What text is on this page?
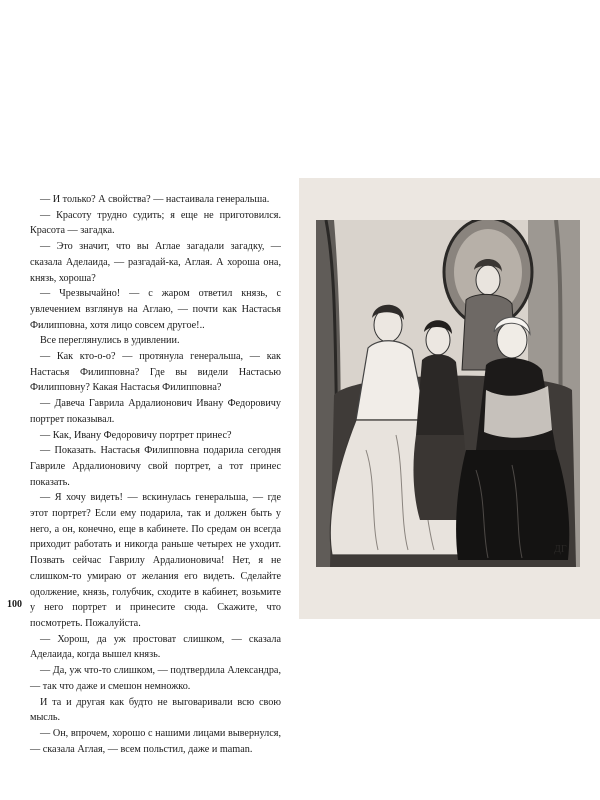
— И только? А свойства? — настаивала генеральша.

— Красоту трудно судить; я еще не приготовился. Красота — загадка.

— Это значит, что вы Аглае загадали загадку, — сказала Аделаида, — разгадай-ка, Аглая. А хороша она, князь, хороша?

— Чрезвычайно! — с жаром ответил князь, с увлечением взглянув на Аглаю, — почти как Настасья Филипповна, хотя лицо совсем другое!..

Все переглянулись в удивлении.

— Как кто-о-о? — протянула генеральша, — как Настасья Филипповна? Где вы видели Настасью Филипповну? Какая Настасья Филипповна?

— Давеча Гаврила Ардалионович Ивану Федоровичу портрет показывал.

— Как, Ивану Федоровичу портрет принес?

— Показать. Настасья Филипповна подарила сегодня Гавриле Ардалионовичу свой портрет, а тот принес показать.

— Я хочу видеть! — вскинулась генеральша, — где этот портрет? Если ему подарила, так и должен быть у него, а он, конечно, еще в кабинете. По средам он всегда приходит работать и никогда раньше четырех не уходит. Позвать сейчас Гаврилу Ардалионовича! Нет, я не слишком-то умираю от желания его видеть. Сделайте одолжение, князь, голубчик, сходите в кабинет, возьмите у него портрет и принесите сюда. Скажите, что посмотреть. Пожалуйста.

— Хорош, да уж простоват слишком, — сказала Аделаида, когда вышел князь.

— Да, уж что-то слишком, — подтвердила Александра, — так что даже и смешон немножко.

И та и другая как будто не выговаривали всю свою мысль.

— Он, впрочем, хорошо с нашими лицами вывернулся, — сказала Аглая, — всем польстил, даже и maman.

100
ДГ
